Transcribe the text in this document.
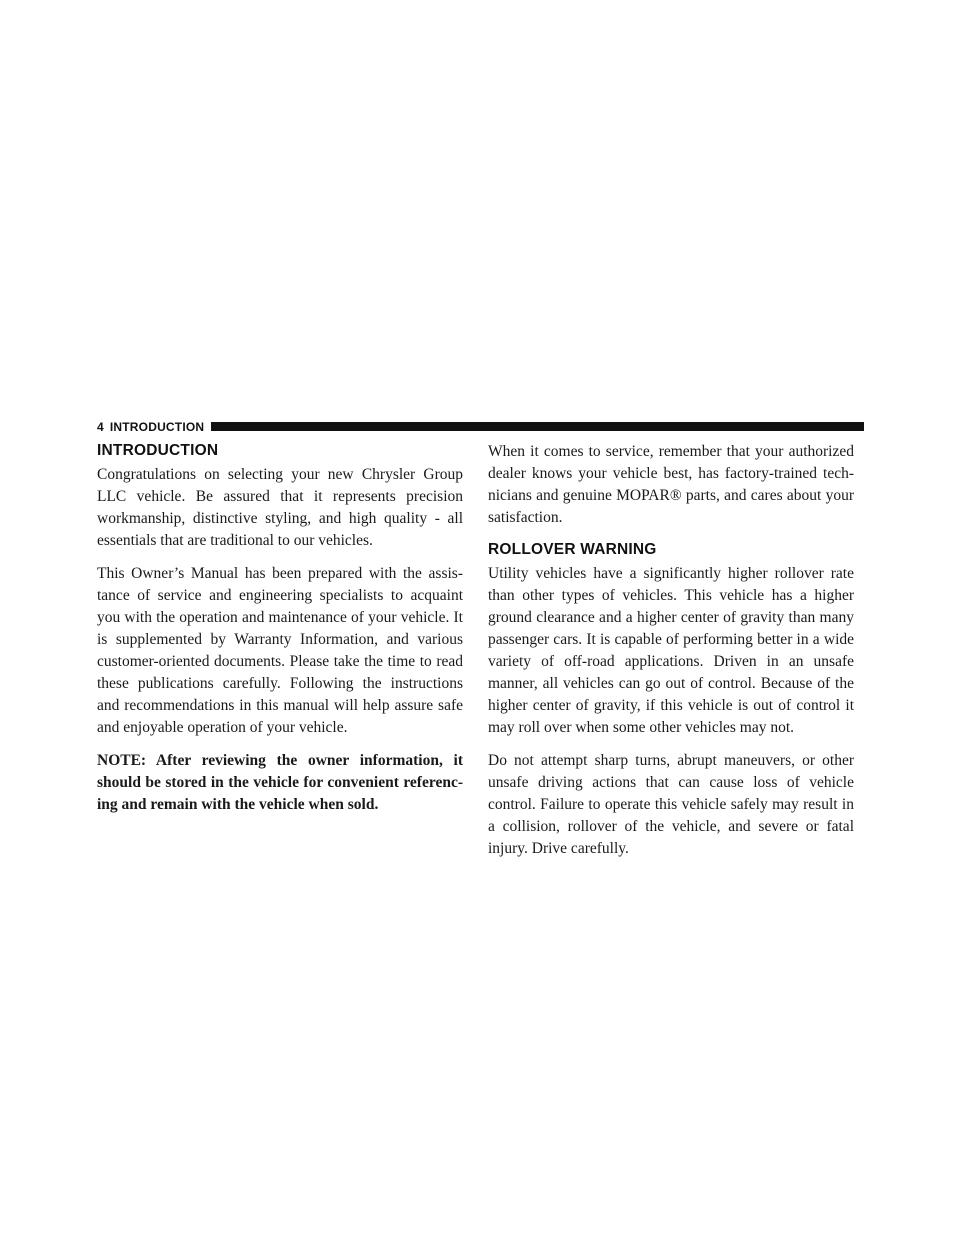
4 INTRODUCTION
INTRODUCTION

Congratulations on selecting your new Chrysler Group LLC vehicle. Be assured that it represents precision workmanship, distinctive styling, and high quality - all essentials that are traditional to our vehicles.

This Owner’s Manual has been prepared with the assistance of service and engineering specialists to acquaint you with the operation and maintenance of your vehicle. It is supplemented by Warranty Information, and various customer-oriented documents. Please take the time to read these publications carefully. Following the instructions and recommendations in this manual will help assure safe and enjoyable operation of your vehicle.

NOTE: After reviewing the owner information, it should be stored in the vehicle for convenient referencing and remain with the vehicle when sold.

When it comes to service, remember that your authorized dealer knows your vehicle best, has factory-trained technicians and genuine MOPAR® parts, and cares about your satisfaction.

ROLLOVER WARNING

Utility vehicles have a significantly higher rollover rate than other types of vehicles. This vehicle has a higher ground clearance and a higher center of gravity than many passenger cars. It is capable of performing better in a wide variety of off-road applications. Driven in an unsafe manner, all vehicles can go out of control. Because of the higher center of gravity, if this vehicle is out of control it may roll over when some other vehicles may not.

Do not attempt sharp turns, abrupt maneuvers, or other unsafe driving actions that can cause loss of vehicle control. Failure to operate this vehicle safely may result in a collision, rollover of the vehicle, and severe or fatal injury. Drive carefully.
